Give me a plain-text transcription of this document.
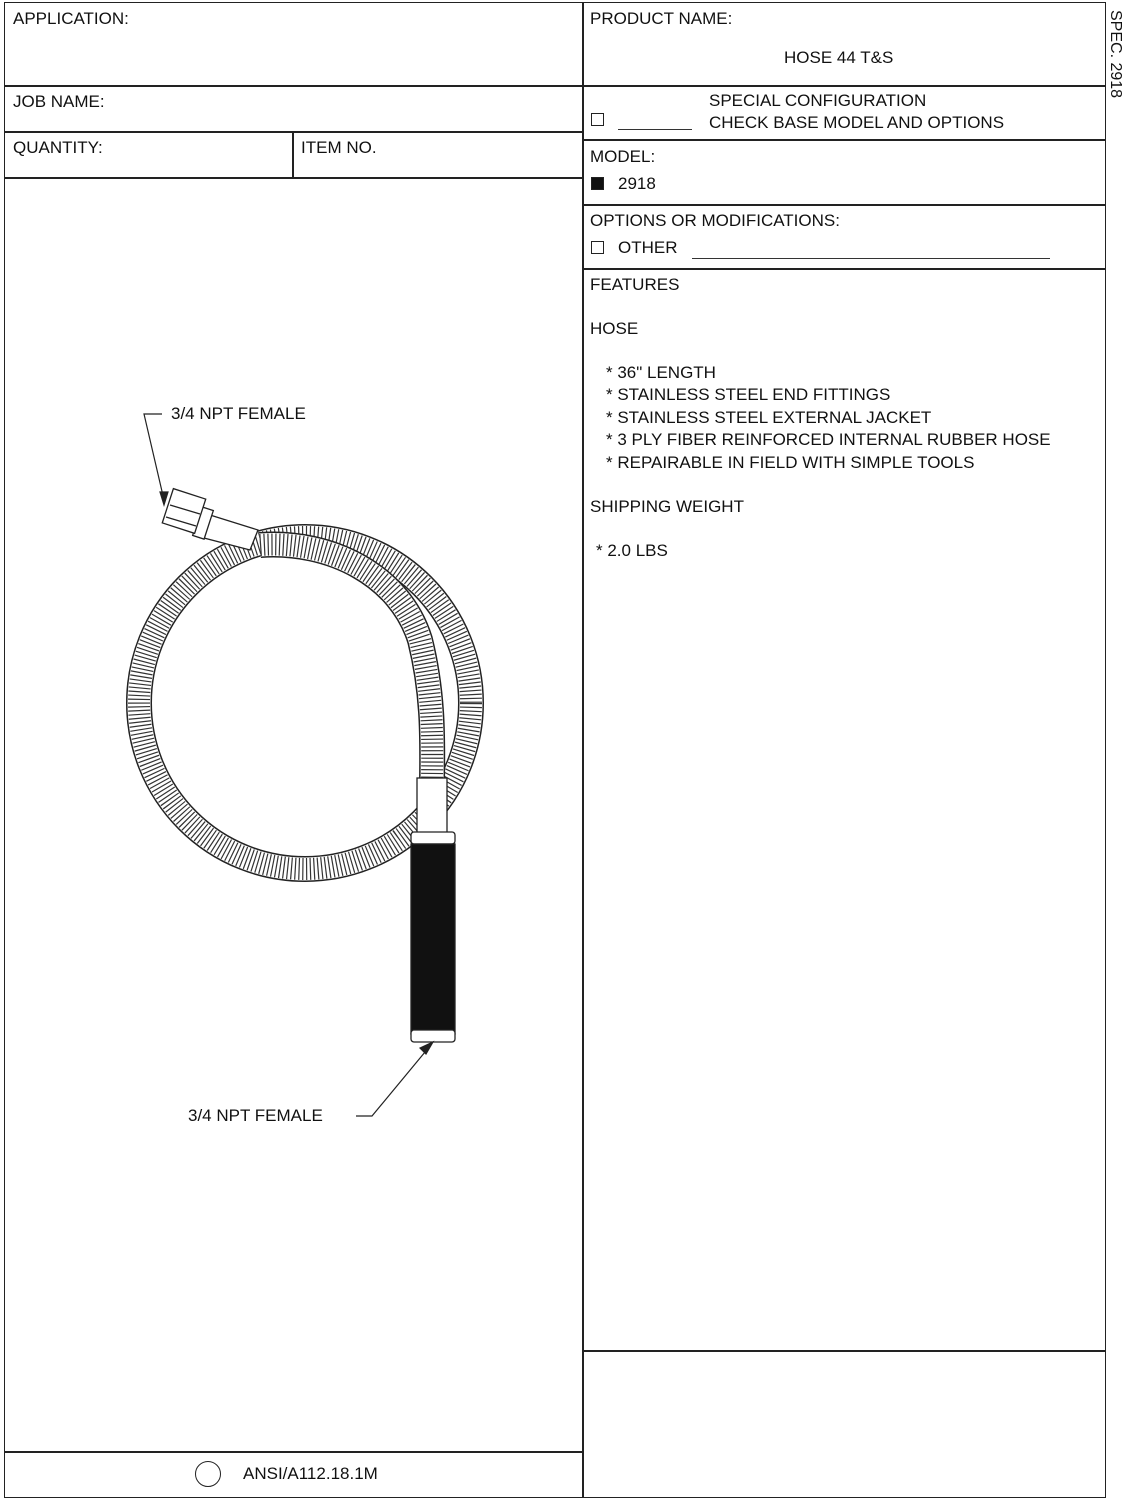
APPLICATION:
JOB NAME:
QUANTITY:	ITEM NO.
PRODUCT NAME:
HOSE 44 T&S	SPEC. 2918
SPECIAL CONFIGURATION
CHECK BASE MODEL AND OPTIONS
MODEL:
2918
OPTIONS OR MODIFICATIONS:
OTHER
FEATURES
HOSE
* 36" LENGTH
* STAINLESS STEEL END FITTINGS
* STAINLESS STEEL EXTERNAL JACKET
* 3 PLY FIBER REINFORCED INTERNAL RUBBER HOSE
* REPAIRABLE IN FIELD WITH SIMPLE TOOLS
SHIPPING WEIGHT
* 2.0 LBS
3/4 NPT FEMALE
3/4 NPT FEMALE
ANSI/A112.18.1M
